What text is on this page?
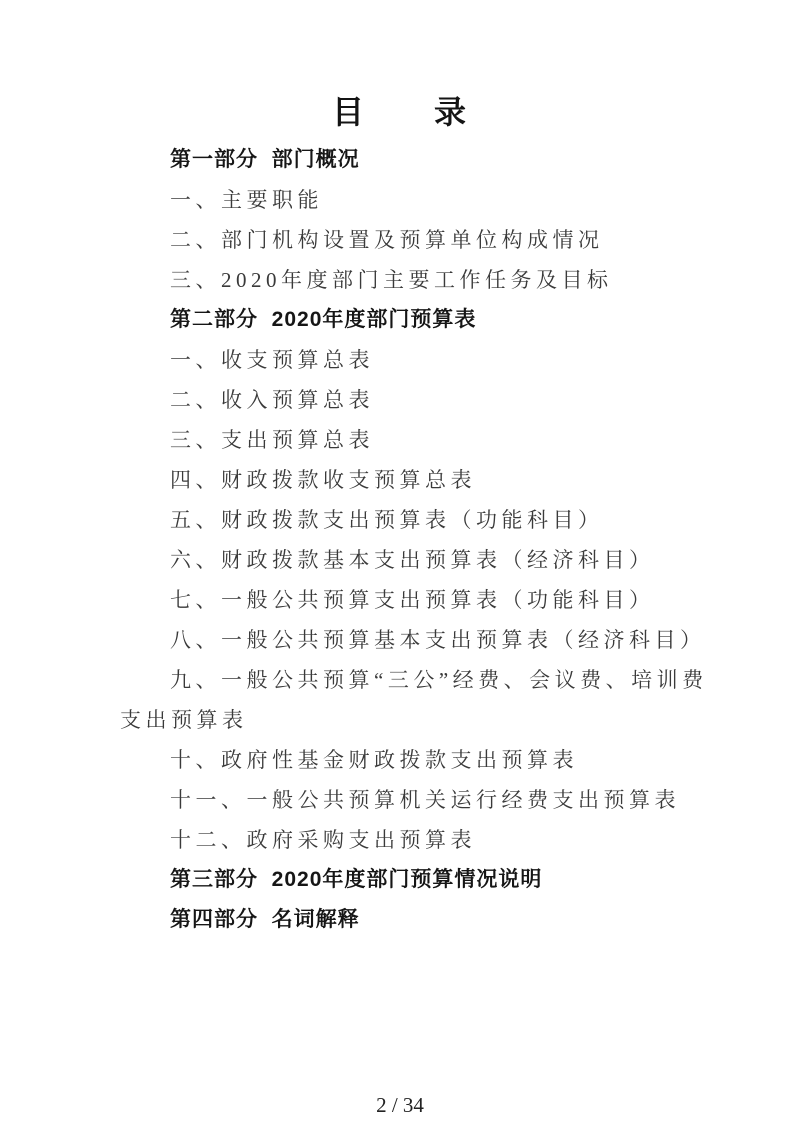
目　　录
第一部分  部门概况
一、主要职能
二、部门机构设置及预算单位构成情况
三、2020年度部门主要工作任务及目标
第二部分  2020年度部门预算表
一、收支预算总表
二、收入预算总表
三、支出预算总表
四、财政拨款收支预算总表
五、财政拨款支出预算表（功能科目）
六、财政拨款基本支出预算表（经济科目）
七、一般公共预算支出预算表（功能科目）
八、一般公共预算基本支出预算表（经济科目）
九、一般公共预算“三公”经费、会议费、培训费
支出预算表
十、政府性基金财政拨款支出预算表
十一、一般公共预算机关运行经费支出预算表
十二、政府采购支出预算表
第三部分  2020年度部门预算情况说明
第四部分  名词解释
2 / 34
